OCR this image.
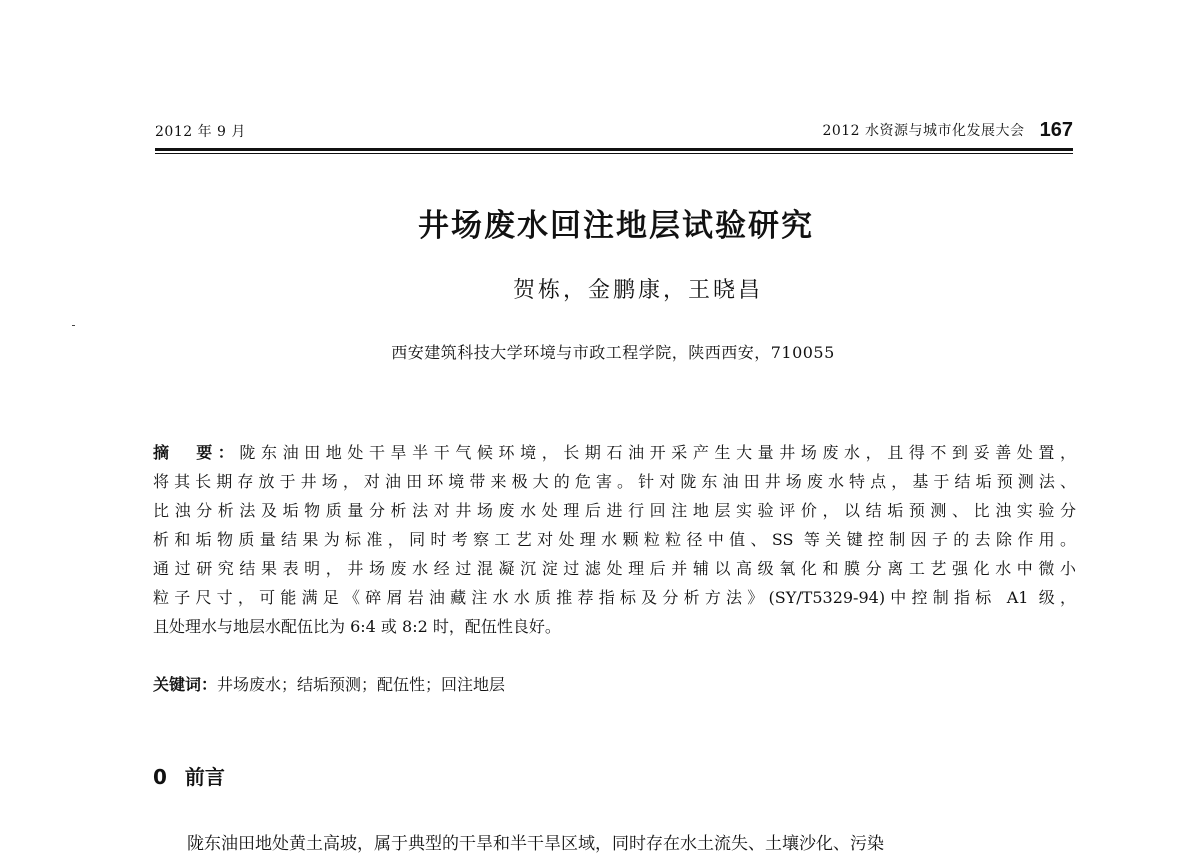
2012 年 9 月	2012 水资源与城市化发展大会 167
井场废水回注地层试验研究
贺栋，金鹏康，王晓昌
西安建筑科技大学环境与市政工程学院，陕西西安，710055
摘　要：陇东油田地处干旱半干气候环境，长期石油开采产生大量井场废水，且得不到妥善处置，
将其长期存放于井场，对油田环境带来极大的危害。针对陇东油田井场废水特点，基于结垢预测法、
比浊分析法及垢物质量分析法对井场废水处理后进行回注地层实验评价，以结垢预测、比浊实验分
析和垢物质量结果为标准，同时考察工艺对处理水颗粒粒径中值、SS 等关键控制因子的去除作用。
通过研究结果表明，井场废水经过混凝沉淀过滤处理后并辅以高级氧化和膜分离工艺强化水中微小
粒子尺寸，可能满足《碎屑岩油藏注水水质推荐指标及分析方法》(SY/T5329-94)中控制指标 A1 级，
且处理水与地层水配伍比为 6:4 或 8:2 时，配伍性良好。
关键词：井场废水；结垢预测；配伍性；回注地层
0 前言
陇东油田地处黄土高坡，属于典型的干旱和半干旱区域，同时存在水土流失、土壤沙化、污染
